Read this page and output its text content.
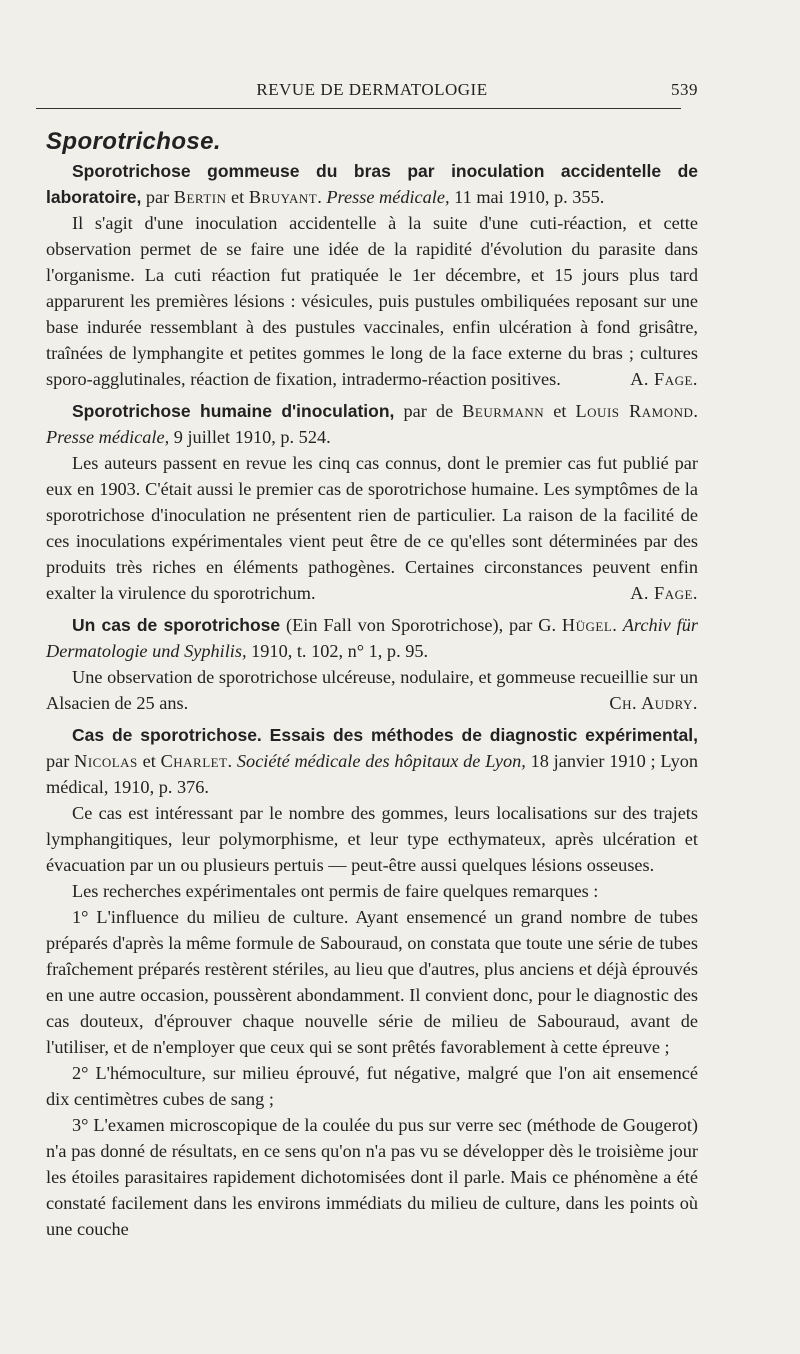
REVUE DE DERMATOLOGIE	539
Sporotrichose.
Sporotrichose gommeuse du bras par inoculation accidentelle de laboratoire, par Bertin et Bruyant. Presse médicale, 11 mai 1910, p. 355.

Il s'agit d'une inoculation accidentelle à la suite d'une cuti-réaction, et cette observation permet de se faire une idée de la rapidité d'évolution du parasite dans l'organisme. La cuti réaction fut pratiquée le 1er décembre, et 15 jours plus tard apparurent les premières lésions : vésicules, puis pustules ombiliquées reposant sur une base indurée ressemblant à des pustules vaccinales, enfin ulcération à fond grisâtre, traînées de lymphangite et petites gommes le long de la face externe du bras ; cultures sporo-agglutinales, réaction de fixation, intradermo-réaction positives.	A. Fage.

Sporotrichose humaine d'inoculation, par de Beurmann et Louis Ramond. Presse médicale, 9 juillet 1910, p. 524.

Les auteurs passent en revue les cinq cas connus, dont le premier cas fut publié par eux en 1903. C'était aussi le premier cas de sporotrichose humaine. Les symptômes de la sporotrichose d'inoculation ne présentent rien de particulier. La raison de la facilité de ces inoculations expérimentales vient peut être de ce qu'elles sont déterminées par des produits très riches en éléments pathogènes. Certaines circonstances peuvent enfin exalter la virulence du sporotrichum.	A. Fage.

Un cas de sporotrichose (Ein Fall von Sporotrichose), par G. Hügel. Archiv für Dermatologie und Syphilis, 1910, t. 102, n° 1, p. 95.

Une observation de sporotrichose ulcéreuse, nodulaire, et gommeuse recueillie sur un Alsacien de 25 ans.	Ch. Audry.

Cas de sporotrichose. Essais des méthodes de diagnostic expérimental, par Nicolas et Charlet. Société médicale des hôpitaux de Lyon, 18 janvier 1910 ; Lyon médical, 1910, p. 376.

Ce cas est intéressant par le nombre des gommes, leurs localisations sur des trajets lymphangitiques, leur polymorphisme, et leur type ecthymateux, après ulcération et évacuation par un ou plusieurs pertuis — peut-être aussi quelques lésions osseuses.

Les recherches expérimentales ont permis de faire quelques remarques :

1° L'influence du milieu de culture. Ayant ensemencé un grand nombre de tubes préparés d'après la même formule de Sabouraud, on constata que toute une série de tubes fraîchement préparés restèrent stériles, au lieu que d'autres, plus anciens et déjà éprouvés en une autre occasion, poussèrent abondamment. Il convient donc, pour le diagnostic des cas douteux, d'éprouver chaque nouvelle série de milieu de Sabouraud, avant de l'utiliser, et de n'employer que ceux qui se sont prêtés favorablement à cette épreuve ;

2° L'hémoculture, sur milieu éprouvé, fut négative, malgré que l'on ait ensemencé dix centimètres cubes de sang ;

3° L'examen microscopique de la coulée du pus sur verre sec (méthode de Gougerot) n'a pas donné de résultats, en ce sens qu'on n'a pas vu se développer dès le troisième jour les étoiles parasitaires rapidement dichotomisées dont il parle. Mais ce phénomène a été constaté facilement dans les environs immédiats du milieu de culture, dans les points où une couche
